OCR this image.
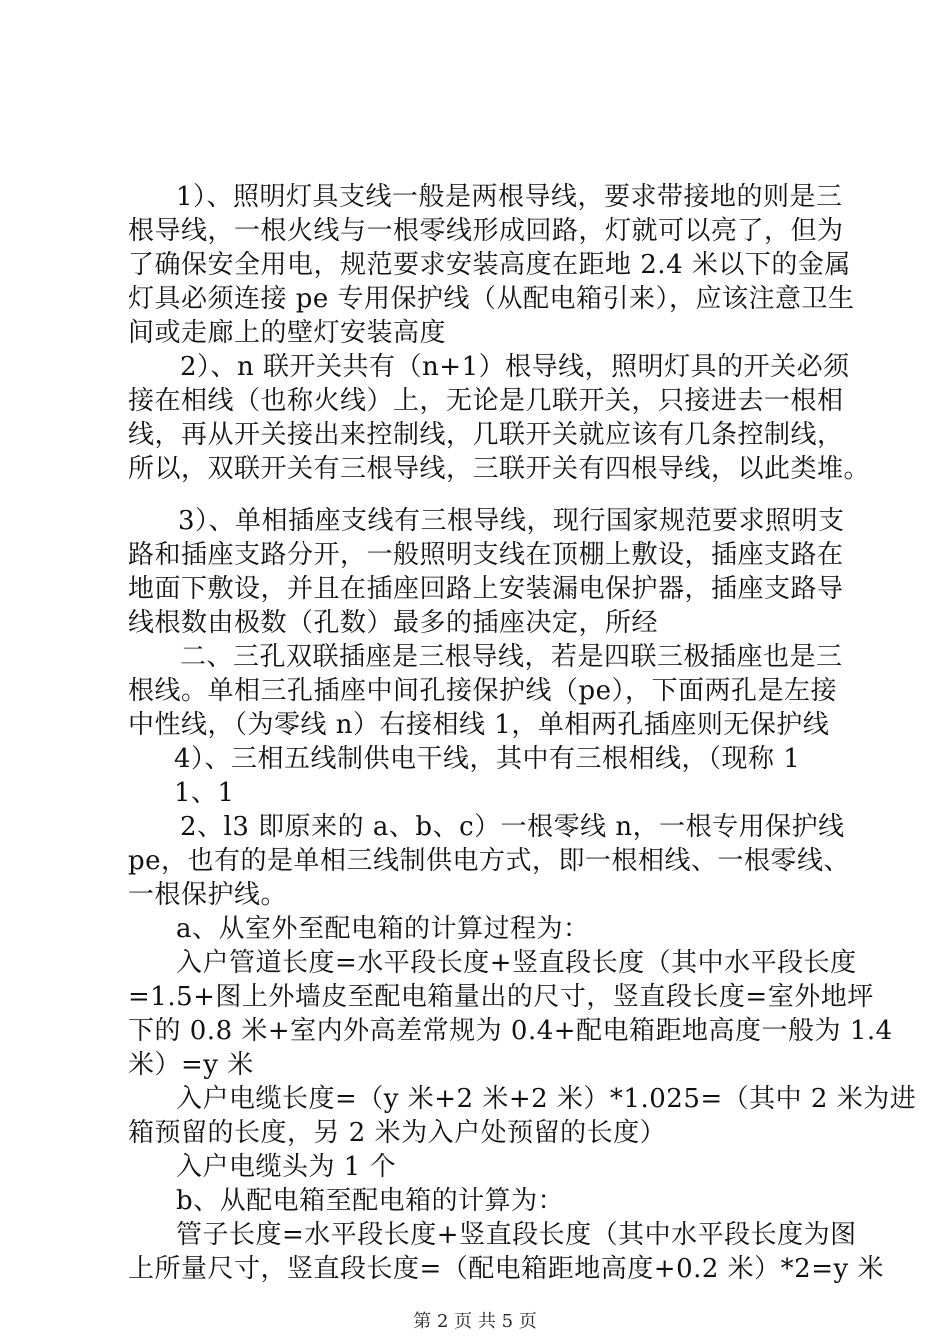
1）、照明灯具支线一般是两根导线，要求带接地的则是三
根导线，一根火线与一根零线形成回路，灯就可以亮了，但为
了确保安全用电，规范要求安装高度在距地 2.4 米以下的金属
灯具必须连接 pe 专用保护线（从配电箱引来），应该注意卫生
间或走廊上的壁灯安装高度
2）、n 联开关共有（n+1）根导线，照明灯具的开关必须
接在相线（也称火线）上，无论是几联开关，只接进去一根相
线，再从开关接出来控制线，几联开关就应该有几条控制线，
所以，双联开关有三根导线，三联开关有四根导线，以此类堆。
3）、单相插座支线有三根导线，现行国家规范要求照明支
路和插座支路分开，一般照明支线在顶棚上敷设，插座支路在
地面下敷设，并且在插座回路上安装漏电保护器，插座支路导
线根数由极数（孔数）最多的插座决定，所经
二、三孔双联插座是三根导线，若是四联三极插座也是三
根线。单相三孔插座中间孔接保护线（pe），下面两孔是左接
中性线，（为零线 n）右接相线 1，单相两孔插座则无保护线
4）、三相五线制供电干线，其中有三根相线，（现称 1
1、1
2、l3 即原来的 a、b、c）一根零线 n，一根专用保护线
pe，也有的是单相三线制供电方式，即一根相线、一根零线、
一根保护线。
a、从室外至配电箱的计算过程为：
入户管道长度=水平段长度+竖直段长度（其中水平段长度
=1.5+图上外墙皮至配电箱量出的尺寸，竖直段长度=室外地坪
下的 0.8 米+室内外高差常规为 0.4+配电箱距地高度一般为 1.4
米）=y 米
入户电缆长度=（y 米+2 米+2 米）*1.025=（其中 2 米为进
箱预留的长度，另 2 米为入户处预留的长度）
入户电缆头为 1 个
b、从配电箱至配电箱的计算为：
管子长度=水平段长度+竖直段长度（其中水平段长度为图
上所量尺寸，竖直段长度=（配电箱距地高度+0.2 米）*2=y 米
第 2 页 共 5 页
